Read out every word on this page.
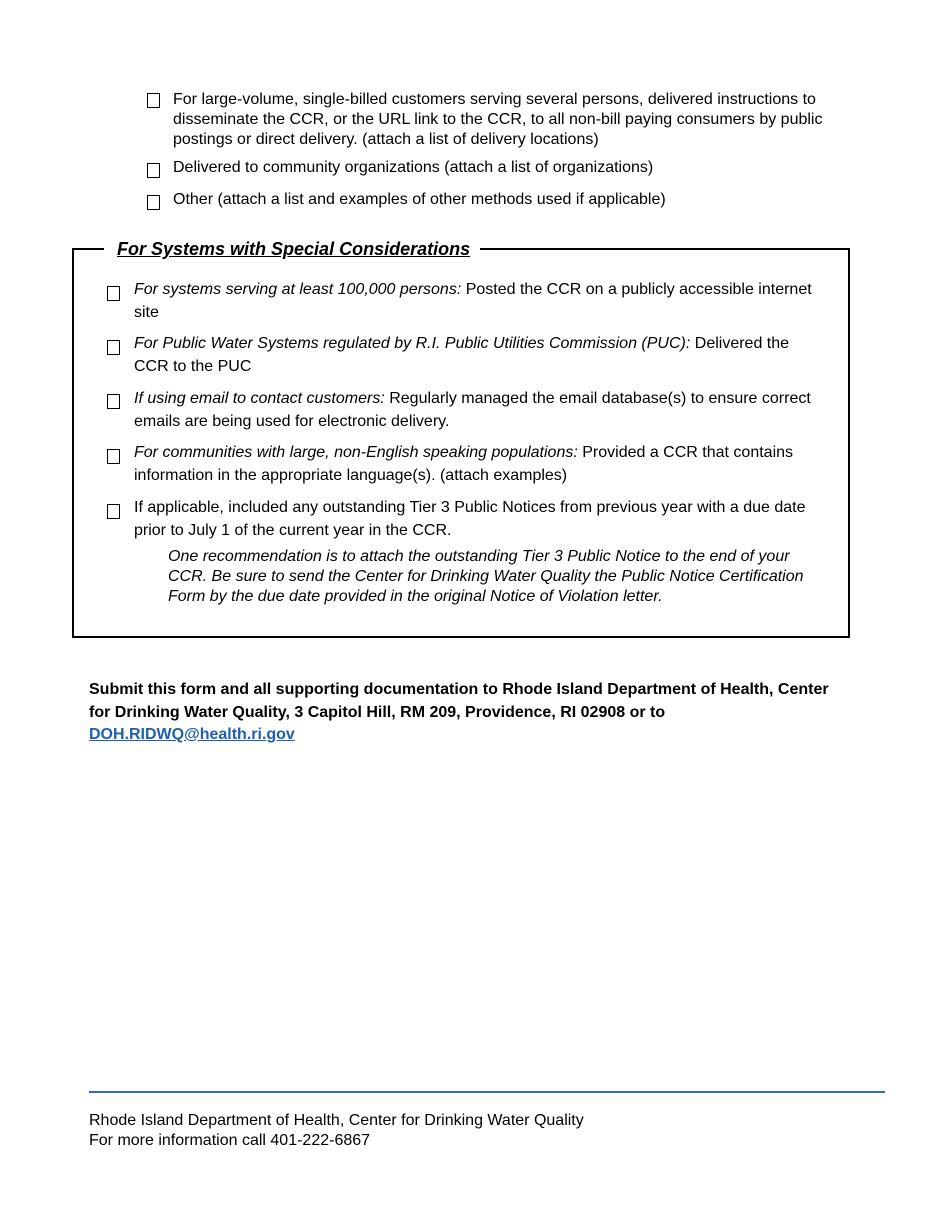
For large-volume, single-billed customers serving several persons, delivered instructions to disseminate the CCR, or the URL link to the CCR, to all non-bill paying consumers by public postings or direct delivery. (attach a list of delivery locations)
Delivered to community organizations (attach a list of organizations)
Other (attach a list and examples of other methods used if applicable)
For Systems with Special Considerations
For systems serving at least 100,000 persons: Posted the CCR on a publicly accessible internet site
For Public Water Systems regulated by R.I. Public Utilities Commission (PUC): Delivered the CCR to the PUC
If using email to contact customers: Regularly managed the email database(s) to ensure correct emails are being used for electronic delivery.
For communities with large, non-English speaking populations: Provided a CCR that contains information in the appropriate language(s). (attach examples)
If applicable, included any outstanding Tier 3 Public Notices from previous year with a due date prior to July 1 of the current year in the CCR.
One recommendation is to attach the outstanding Tier 3 Public Notice to the end of your CCR. Be sure to send the Center for Drinking Water Quality the Public Notice Certification Form by the due date provided in the original Notice of Violation letter.
Submit this form and all supporting documentation to Rhode Island Department of Health, Center for Drinking Water Quality, 3 Capitol Hill, RM 209, Providence, RI 02908 or to DOH.RIDWQ@health.ri.gov
Rhode Island Department of Health, Center for Drinking Water Quality
For more information call 401-222-6867
